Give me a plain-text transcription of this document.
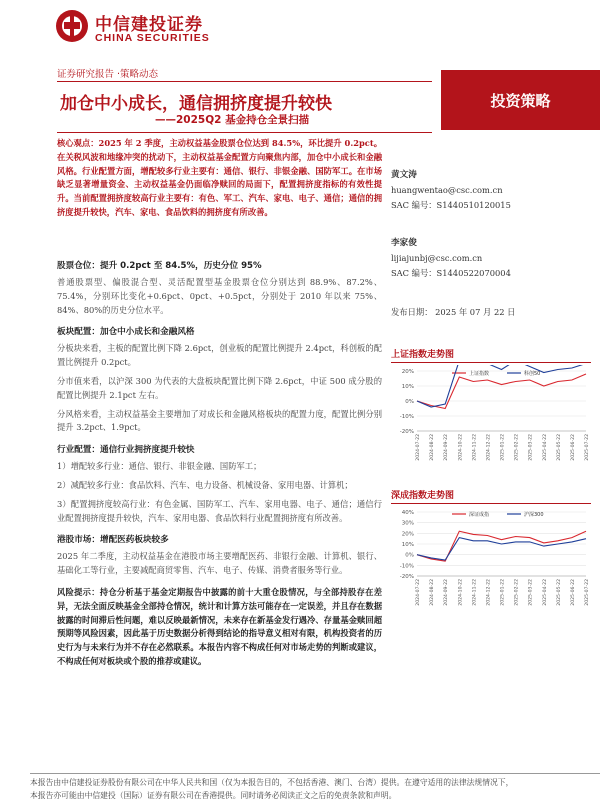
中信建投证券
CHINA SECURITIES
证券研究报告 ·策略动态
加仓中小成长，通信拥挤度提升较快
——2025Q2 基金持仓全景扫描
投资策略

核心观点：2025 年 2 季度，主动权益基金股票仓位达到 84.5%，环比提升 0.2pct。在关税风波和地缘冲突的扰动下，主动权益基金配置方向聚焦内部，加仓中小成长和金融风格。行业配置方面，增配较多行业主要有：通信、银行、非银金融、国防军工。在市场缺乏显著增量资金、主动权益基金仍面临净赎回的局面下，配置拥挤度指标的有效性提升。当前配置拥挤度较高行业主要有：有色、军工、汽车、家电、电子、通信；通信的拥挤度提升较快，汽车、家电、食品饮料的拥挤度有所改善。

股票仓位：提升 0.2pct 至 84.5%，历史分位 95%

普通股票型、偏股混合型、灵活配置型基金股票仓位分别达到 88.9%、87.2%、75.4%，分别环比变化+0.6pct、0pct、+0.5pct，分别处于 2010 年以来 75%、84%、80%的历史分位水平。

板块配置：加仓中小成长和金融风格

分板块来看，主板的配置比例下降 2.6pct，创业板的配置比例提升 2.4pct，科创板的配置比例提升 0.2pct。

分市值来看，以沪深 300 为代表的大盘板块配置比例下降 2.6pct，中证 500 成分股的配置比例提升 2.1pct 左右。

分风格来看，主动权益基金主要增加了对成长和金融风格板块的配置力度，配置比例分别提升 3.2pct、1.9pct。

行业配置：通信行业拥挤度提升较快

1）增配较多行业：通信、银行、非银金融、国防军工；

2）减配较多行业：食品饮料、汽车、电力设备、机械设备、家用电器、计算机；

3）配置拥挤度较高行业：有色金属、国防军工、汽车、家用电器、电子、通信；通信行业配置拥挤度提升较快，汽车、家用电器、食品饮料行业配置拥挤度有所改善。

港股市场：增配医药板块较多

2025 年二季度，主动权益基金在港股市场主要增配医药、非银行金融、计算机、银行、基础化工等行业，主要减配商贸零售、汽车、电子、传媒、消费者服务等行业。

风险提示：持仓分析基于基金定期报告中披露的前十大重仓股情况，与全部持股存在差异，无法全面反映基金全部持仓情况，统计和计算方法可能存在一定误差，并且存在数据披露的时间滞后性问题，难以反映最新情况，未来存在新基金发行遇冷、存量基金赎回超预期等风险因素，因此基于历史数据分析得到结论的指导意义相对有限，机构投资者的历史行为与未来行为并不存在必然联系。本报告内容不构成任何对市场走势的判断或建议，不构成任何对板块或个股的推荐或建议。

黄文涛
huangwentao@csc.com.cn
SAC 编号：S1440510120015
李家俊
lijiajunbj@csc.com.cn
SAC 编号：S1440522070004
发布日期： 2025 年 07 月 22 日
上证指数走势图
20%
10%
0%
-10%
-20%
2024-07-22 2024-08-22 2024-09-22 2024-10-22 2024-11-22 2024-12-22 2025-01-22 2025-02-22 2025-03-22 2025-04-22 2025-05-22 2025-06-22 2025-07-22
上证指数	科创50
深成指数走势图
40%
30%
20%
10%
0%
-10%
-20%
2024-07-22 2024-08-22 2024-09-22 2024-10-22 2024-11-22 2024-12-22 2025-01-22 2025-02-22 2025-03-22 2025-04-22 2025-05-22 2025-06-22 2025-07-22
深证成指	沪深300
本报告由中信建投证券股份有限公司在中华人民共和国（仅为本报告目的，不包括香港、澳门、台湾）提供。在遵守适用的法律法规情况下，
本报告亦可能由中信建投（国际）证券有限公司在香港提供。同时请务必阅读正文之后的免责条款和声明。
